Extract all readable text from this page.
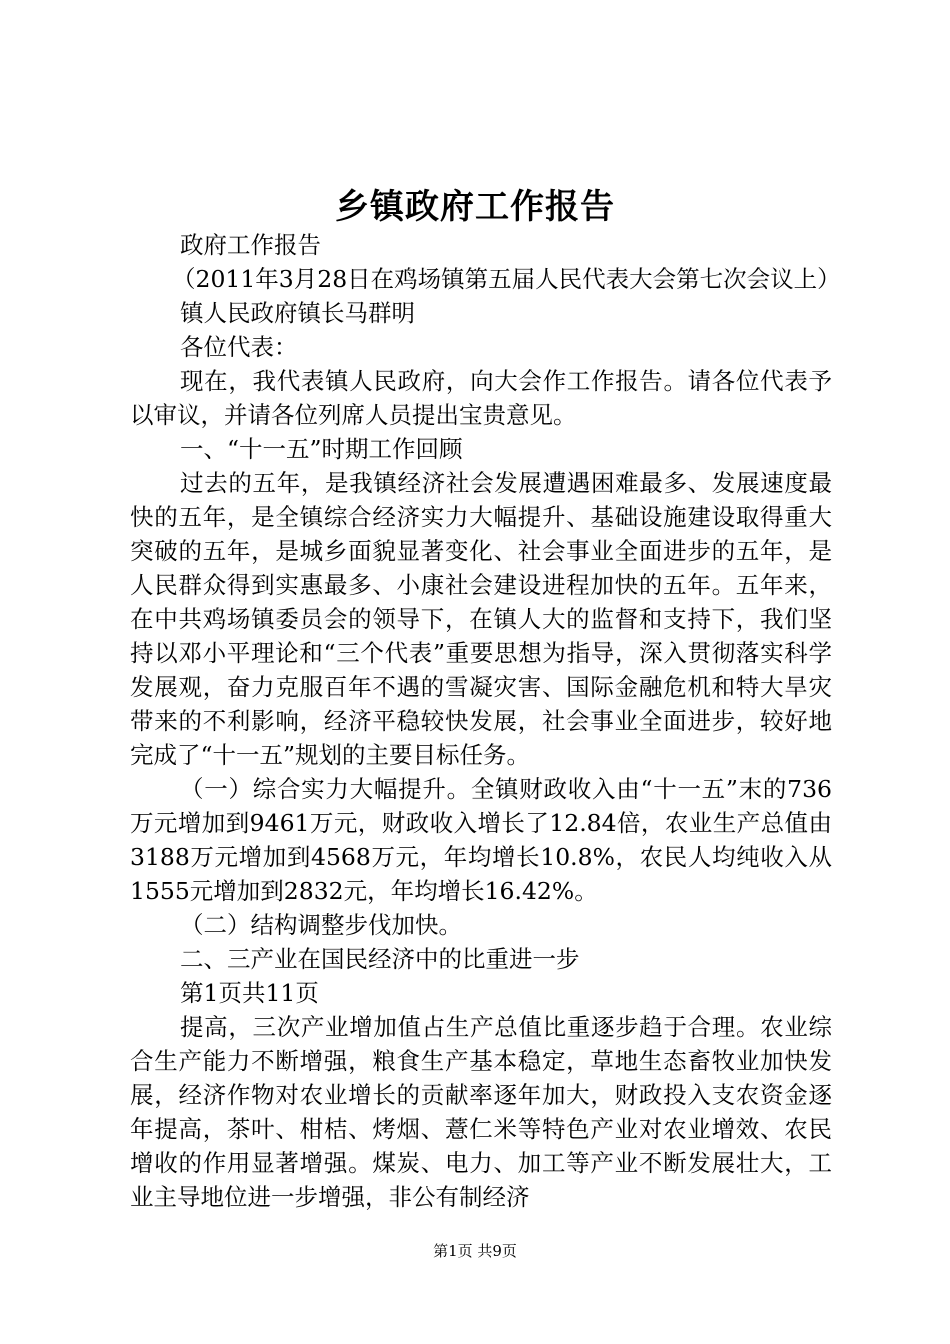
乡镇政府工作报告

政府工作报告

（2011年3月28日在鸡场镇第五届人民代表大会第七次会议上）

镇人民政府镇长马群明

各位代表：

现在，我代表镇人民政府，向大会作工作报告。请各位代表予以审议，并请各位列席人员提出宝贵意见。

一、“十一五”时期工作回顾

过去的五年，是我镇经济社会发展遭遇困难最多、发展速度最快的五年，是全镇综合经济实力大幅提升、基础设施建设取得重大突破的五年，是城乡面貌显著变化、社会事业全面进步的五年，是人民群众得到实惠最多、小康社会建设进程加快的五年。五年来，在中共鸡场镇委员会的领导下，在镇人大的监督和支持下，我们坚持以邓小平理论和“三个代表”重要思想为指导，深入贯彻落实科学发展观，奋力克服百年不遇的雪凝灾害、国际金融危机和特大旱灾带来的不利影响，经济平稳较快发展，社会事业全面进步，较好地完成了“十一五”规划的主要目标任务。

（一）综合实力大幅提升。全镇财政收入由“十一五”末的736万元增加到9461万元，财政收入增长了12.84倍，农业生产总值由3188万元增加到4568万元，年均增长10.8%，农民人均纯收入从1555元增加到2832元，年均增长16.42%。

（二）结构调整步伐加快。

二、三产业在国民经济中的比重进一步

第1页共11页

提高，三次产业增加值占生产总值比重逐步趋于合理。农业综合生产能力不断增强，粮食生产基本稳定，草地生态畜牧业加快发展，经济作物对农业增长的贡献率逐年加大，财政投入支农资金逐年提高，茶叶、柑桔、烤烟、薏仁米等特色产业对农业增效、农民增收的作用显著增强。煤炭、电力、加工等产业不断发展壮大，工业主导地位进一步增强，非公有制经济

第1页 共9页
